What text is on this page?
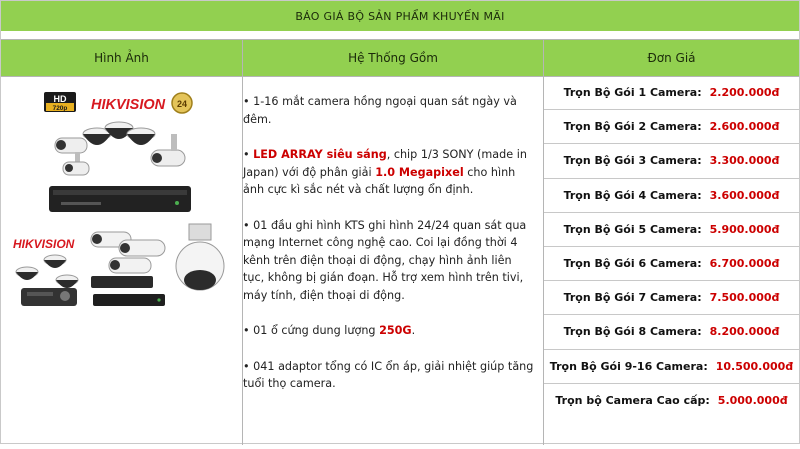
BÁO GIÁ BỘ SẢN PHẨM KHUYẾN MÃI
Hình Ảnh	Hệ Thống Gồm	Đơn Giá
HD
720p HIKVISION 24
HIKVISION

• 1-16 mắt camera hồng ngoại quan sát ngày và đêm.

• LED ARRAY siêu sáng, chip 1/3 SONY (made in Japan) với độ phân giải 1.0 Megapixel cho hình ảnh cực kì sắc nét và chất lượng ổn định.

• 01 đầu ghi hình KTS ghi hình 24/24 quan sát qua mạng Internet công nghệ cao. Coi lại đồng thời 4 kênh trên điện thoại di động, chạy hình ảnh liên tục, không bị gián đoạn. Hỗ trợ xem hình trên tivi, máy tính, điện thoại di động.

• 01 ổ cứng dung lượng 250G.

• 041 adaptor tổng có IC ổn áp, giải nhiệt giúp tăng tuổi thọ camera.

Trọn Bộ Gói 1 Camera: 2.200.000đ
Trọn Bộ Gói 2 Camera: 2.600.000đ
Trọn Bộ Gói 3 Camera: 3.300.000đ
Trọn Bộ Gói 4 Camera: 3.600.000đ
Trọn Bộ Gói 5 Camera: 5.900.000đ
Trọn Bộ Gói 6 Camera: 6.700.000đ
Trọn Bộ Gói 7 Camera: 7.500.000đ
Trọn Bộ Gói 8 Camera: 8.200.000đ
Trọn Bộ Gói 9-16 Camera: 10.500.000đ
Trọn bộ Camera Cao cấp: 5.000.000đ
